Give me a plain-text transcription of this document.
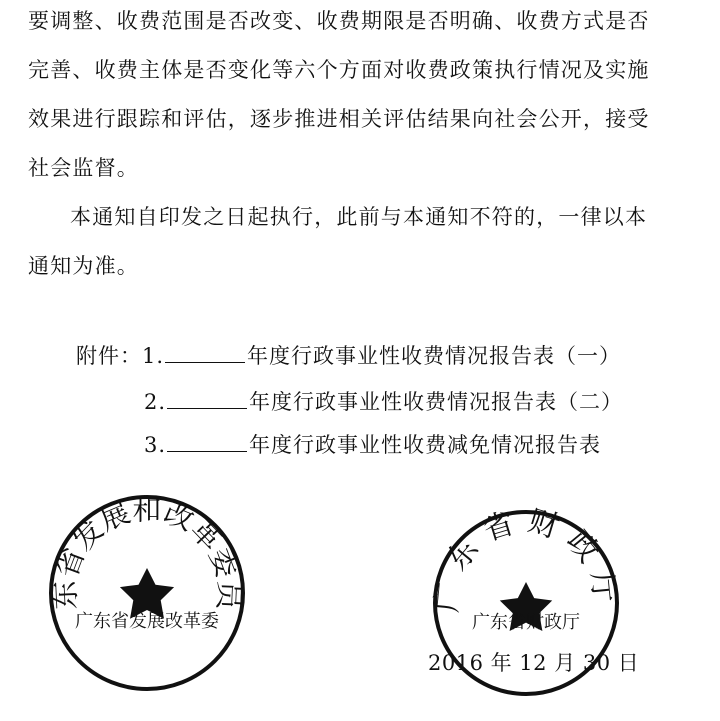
要调整、收费范围是否改变、收费期限是否明确、收费方式是否

完善、收费主体是否变化等六个方面对收费政策执行情况及实施

效果进行跟踪和评估，逐步推进相关评估结果向社会公开，接受

社会监督。

本通知自印发之日起执行，此前与本通知不符的，一律以本

通知为准。

附件：1.	年度行政事业性收费情况报告表（一）
2.	年度行政事业性收费情况报告表（二）
3.	年度行政事业性收费减免情况报告表
广东省发展和改革委员会
广东省发展改革委
广东省财政厅
广东省财政厅

2016 年 12 月 30 日
